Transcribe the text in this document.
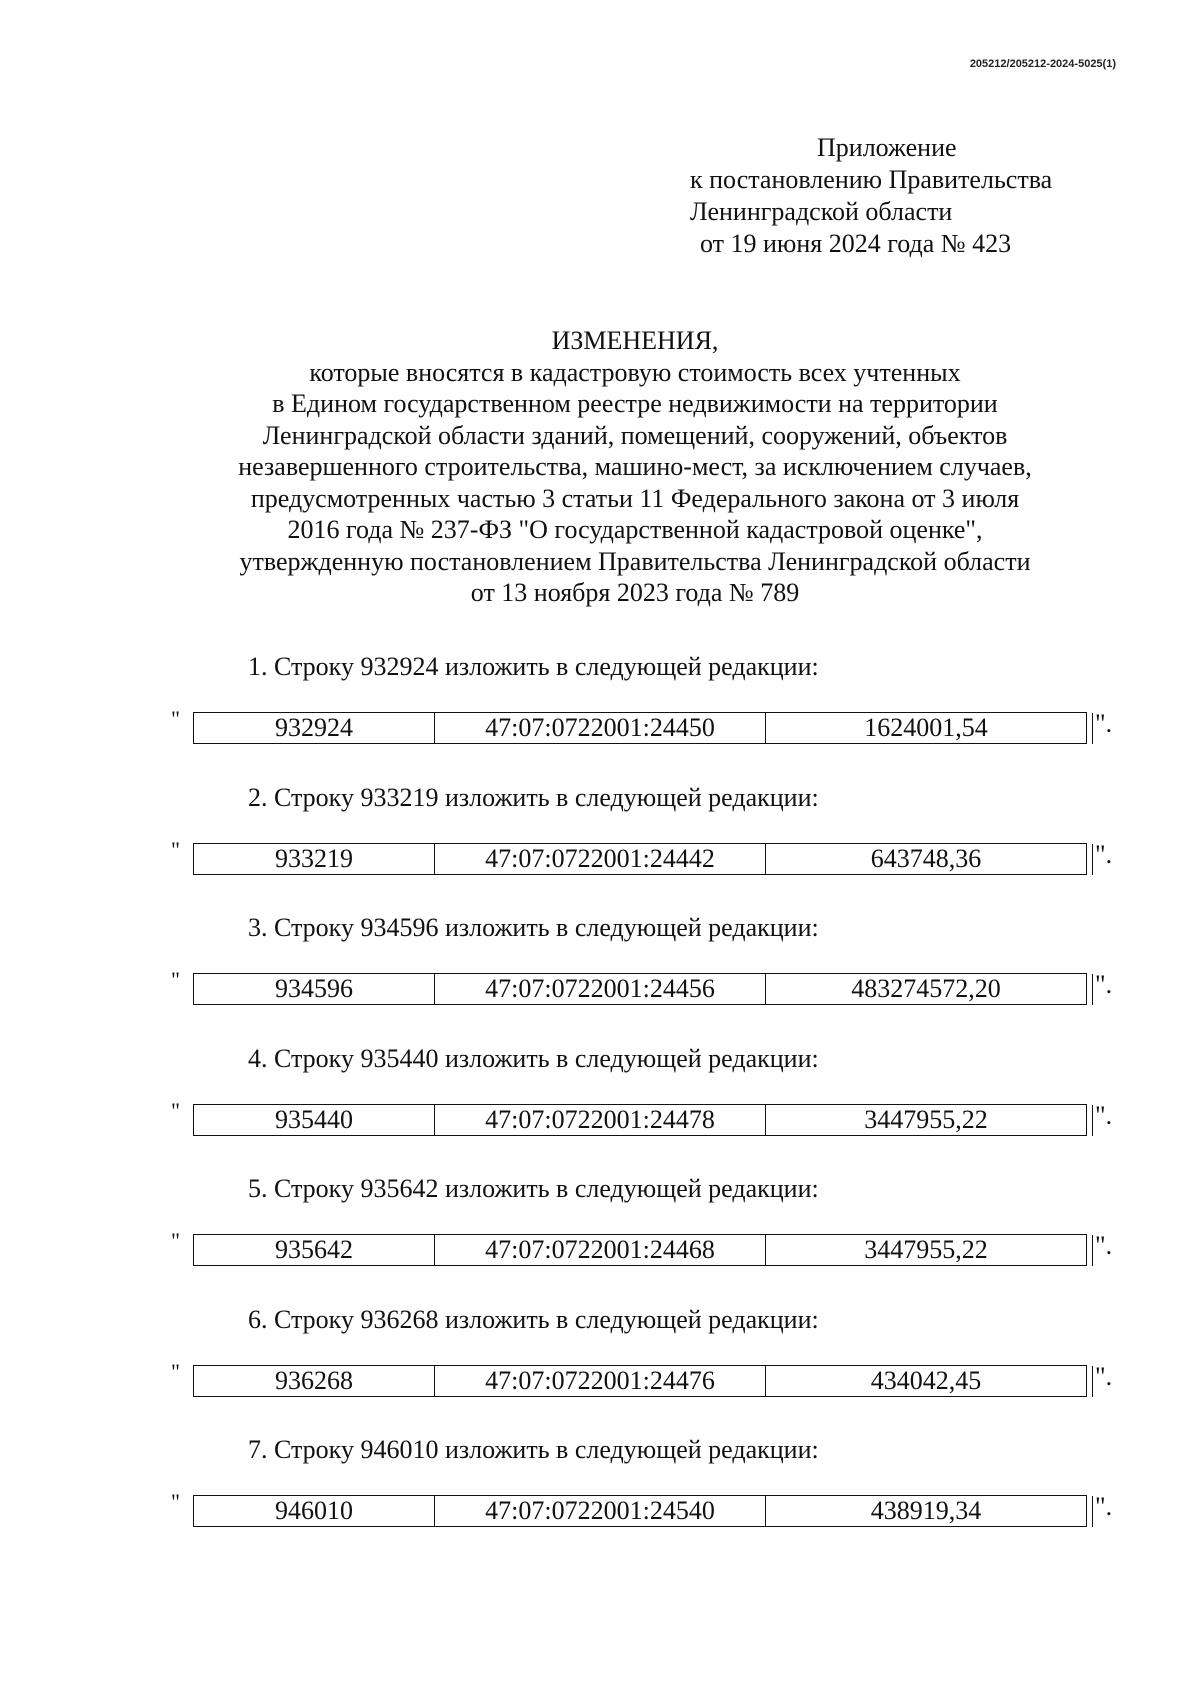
205212/205212-2024-5025(1)
Приложение
к постановлению Правительства
Ленинградской области
от 19 июня 2024 года № 423
ИЗМЕНЕНИЯ,
которые вносятся в кадастровую стоимость всех учтенных
в Едином государственном реестре недвижимости на территории
Ленинградской области зданий, помещений, сооружений, объектов
незавершенного строительства, машино-мест, за исключением случаев,
предусмотренных частью 3 статьи 11 Федерального закона от 3 июля
2016 года № 237-ФЗ "О государственной кадастровой оценке",
утвержденную постановлением Правительства Ленинградской области
от 13 ноября 2023 года № 789
1. Строку 932924 изложить в следующей редакции:
"	932924	47:07:0722001:24450	1624001,54		".
2. Строку 933219 изложить в следующей редакции:
"	933219	47:07:0722001:24442	643748,36		".
3. Строку 934596 изложить в следующей редакции:
"	934596	47:07:0722001:24456	483274572,20		".
4. Строку 935440 изложить в следующей редакции:
"	935440	47:07:0722001:24478	3447955,22		".
5. Строку 935642 изложить в следующей редакции:
"	935642	47:07:0722001:24468	3447955,22		".
6. Строку 936268 изложить в следующей редакции:
"	936268	47:07:0722001:24476	434042,45		".
7. Строку 946010 изложить в следующей редакции:
"	946010	47:07:0722001:24540	438919,34		".
